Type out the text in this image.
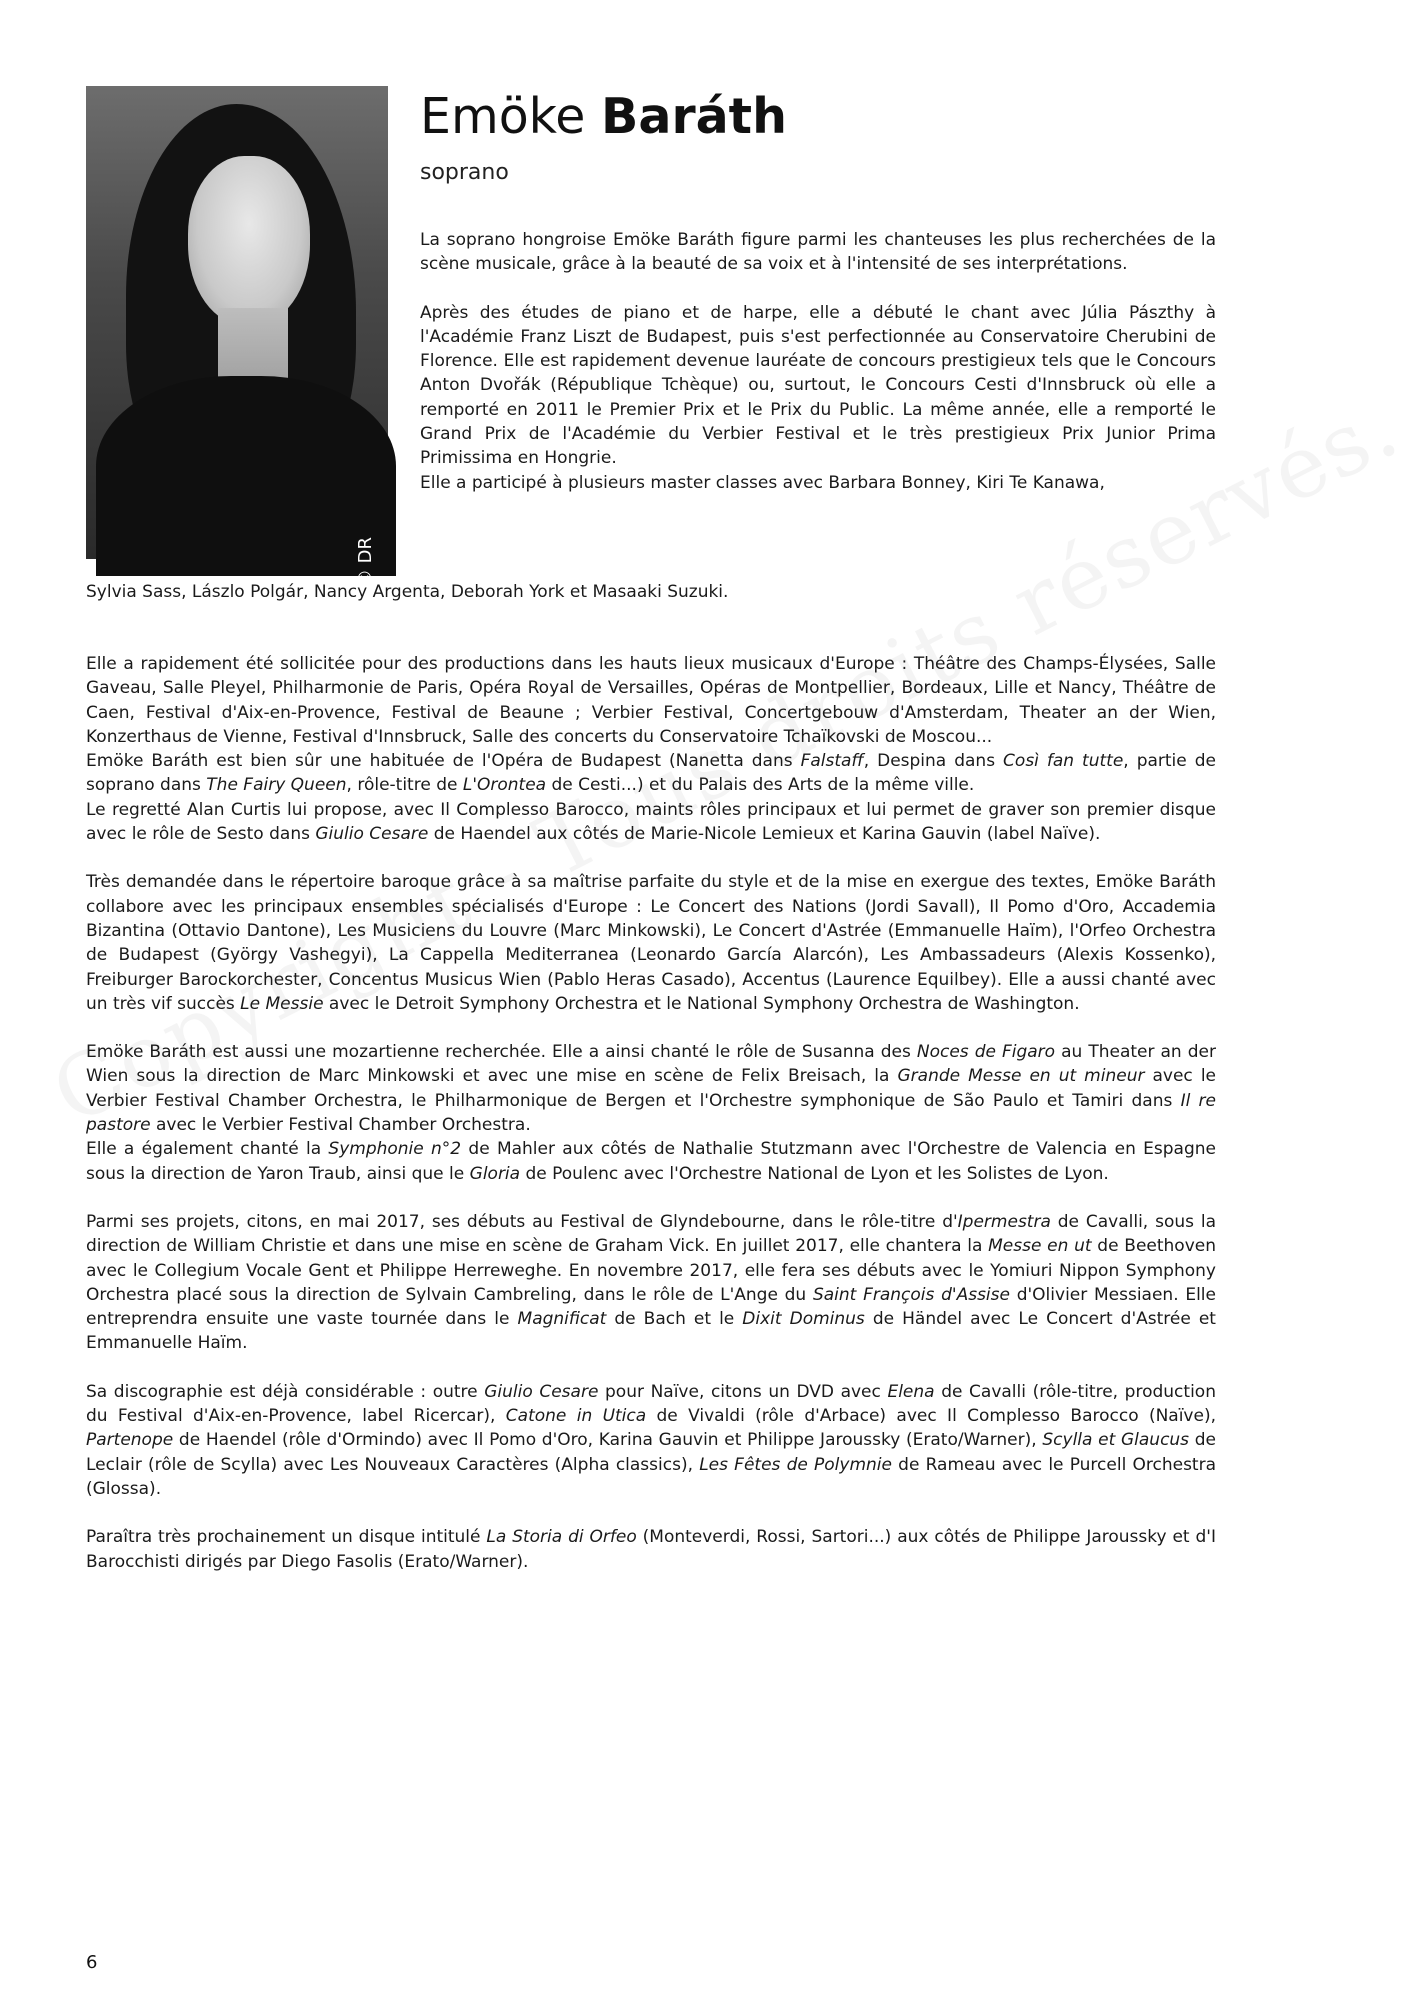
© DR
Emöke Baráth
soprano

La soprano hongroise Emöke Baráth figure parmi les chanteuses les plus recherchées de la scène musicale, grâce à la beauté de sa voix et à l'intensité de ses interprétations.

Après des études de piano et de harpe, elle a débuté le chant avec Júlia Pászthy à l'Académie Franz Liszt de Budapest, puis s'est perfectionnée au Conservatoire Cherubini de Florence. Elle est rapidement devenue lauréate de concours prestigieux tels que le Concours Anton Dvořák (République Tchèque) ou, surtout, le Concours Cesti d'Innsbruck où elle a remporté en 2011 le Premier Prix et le Prix du Public. La même année, elle a remporté le Grand Prix de l'Académie du Verbier Festival et le très prestigieux Prix Junior Prima Primissima en Hongrie.

Elle a participé à plusieurs master classes avec Barbara Bonney, Kiri Te Kanawa,

Sylvia Sass, Lászlo Polgár, Nancy Argenta, Deborah York et Masaaki Suzuki.

Elle a rapidement été sollicitée pour des productions dans les hauts lieux musicaux d'Europe : Théâtre des Champs-Élysées, Salle Gaveau, Salle Pleyel, Philharmonie de Paris, Opéra Royal de Versailles, Opéras de Montpellier, Bordeaux, Lille et Nancy, Théâtre de Caen, Festival d'Aix-en-Provence, Festival de Beaune ; Verbier Festival, Concertgebouw d'Amsterdam, Theater an der Wien, Konzerthaus de Vienne, Festival d'Innsbruck, Salle des concerts du Conservatoire Tchaïkovski de Moscou...

Emöke Baráth est bien sûr une habituée de l'Opéra de Budapest (Nanetta dans Falstaff, Despina dans Così fan tutte, partie de soprano dans The Fairy Queen, rôle-titre de L'Orontea de Cesti...) et du Palais des Arts de la même ville.

Le regretté Alan Curtis lui propose, avec Il Complesso Barocco, maints rôles principaux et lui permet de graver son premier disque avec le rôle de Sesto dans Giulio Cesare de Haendel aux côtés de Marie-Nicole Lemieux et Karina Gauvin (label Naïve).

Très demandée dans le répertoire baroque grâce à sa maîtrise parfaite du style et de la mise en exergue des textes, Emöke Baráth collabore avec les principaux ensembles spécialisés d'Europe : Le Concert des Nations (Jordi Savall), Il Pomo d'Oro, Accademia Bizantina (Ottavio Dantone), Les Musiciens du Louvre (Marc Minkowski), Le Concert d'Astrée (Emmanuelle Haïm), l'Orfeo Orchestra de Budapest (György Vashegyi), La Cappella Mediterranea (Leonardo García Alarcón), Les Ambassadeurs (Alexis Kossenko), Freiburger Barockorchester, Concentus Musicus Wien (Pablo Heras Casado), Accentus (Laurence Equilbey). Elle a aussi chanté avec un très vif succès Le Messie avec le Detroit Symphony Orchestra et le National Symphony Orchestra de Washington.

Emöke Baráth est aussi une mozartienne recherchée. Elle a ainsi chanté le rôle de Susanna des Noces de Figaro au Theater an der Wien sous la direction de Marc Minkowski et avec une mise en scène de Felix Breisach, la Grande Messe en ut mineur avec le Verbier Festival Chamber Orchestra, le Philharmonique de Bergen et l'Orchestre symphonique de São Paulo et Tamiri dans Il re pastore avec le Verbier Festival Chamber Orchestra.

Elle a également chanté la Symphonie n°2 de Mahler aux côtés de Nathalie Stutzmann avec l'Orchestre de Valencia en Espagne sous la direction de Yaron Traub, ainsi que le Gloria de Poulenc avec l'Orchestre National de Lyon et les Solistes de Lyon.

Parmi ses projets, citons, en mai 2017, ses débuts au Festival de Glyndebourne, dans le rôle-titre d'Ipermestra de Cavalli, sous la direction de William Christie et dans une mise en scène de Graham Vick. En juillet 2017, elle chantera la Messe en ut de Beethoven avec le Collegium Vocale Gent et Philippe Herreweghe. En novembre 2017, elle fera ses débuts avec le Yomiuri Nippon Symphony Orchestra placé sous la direction de Sylvain Cambreling, dans le rôle de L'Ange du Saint François d'Assise d'Olivier Messiaen. Elle entreprendra ensuite une vaste tournée dans le Magnificat de Bach et le Dixit Dominus de Händel avec Le Concert d'Astrée et Emmanuelle Haïm.

Sa discographie est déjà considérable : outre Giulio Cesare pour Naïve, citons un DVD avec Elena de Cavalli (rôle-titre, production du Festival d'Aix-en-Provence, label Ricercar), Catone in Utica de Vivaldi (rôle d'Arbace) avec Il Complesso Barocco (Naïve), Partenope de Haendel (rôle d'Ormindo) avec Il Pomo d'Oro, Karina Gauvin et Philippe Jaroussky (Erato/Warner), Scylla et Glaucus de Leclair (rôle de Scylla) avec Les Nouveaux Caractères (Alpha classics), Les Fêtes de Polymnie de Rameau avec le Purcell Orchestra (Glossa).

Paraîtra très prochainement un disque intitulé La Storia di Orfeo (Monteverdi, Rossi, Sartori...) aux côtés de Philippe Jaroussky et d'I Barocchisti dirigés par Diego Fasolis (Erato/Warner).

6
